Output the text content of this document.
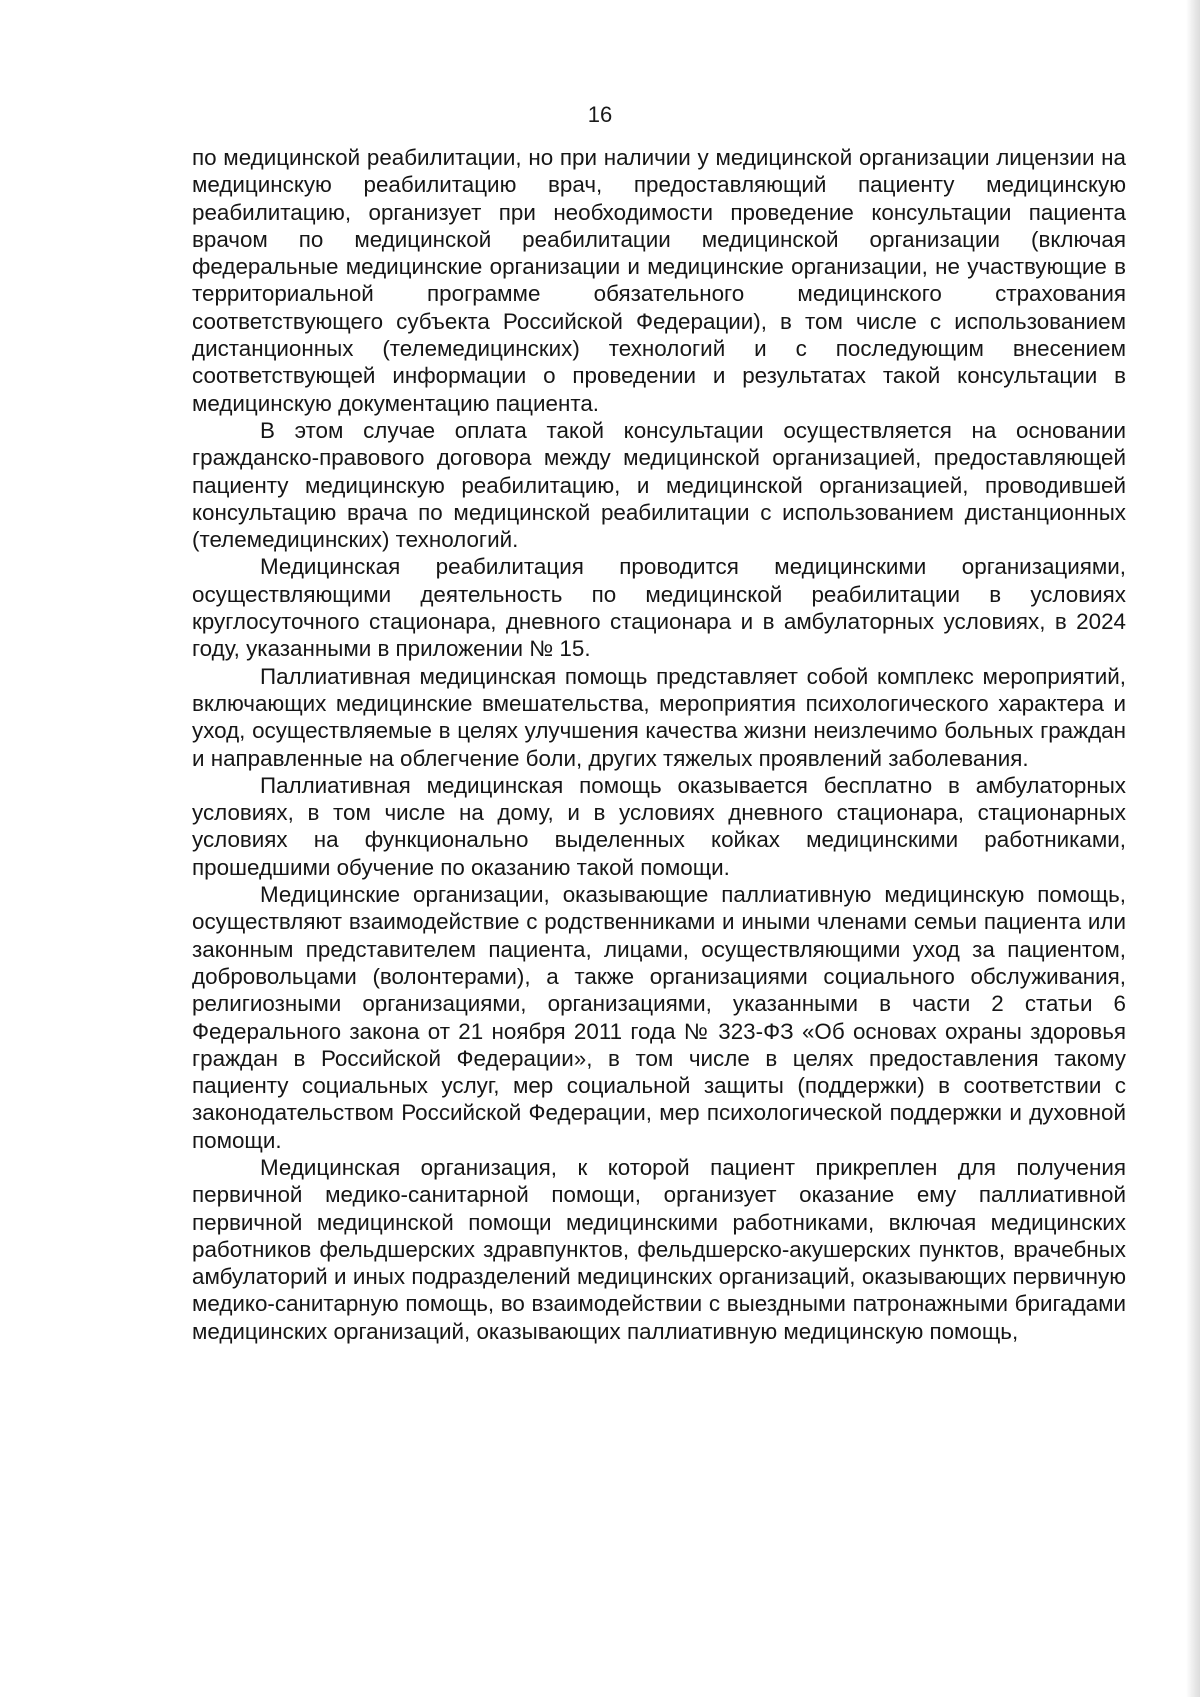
16

по медицинской реабилитации, но при наличии у медицинской организации лицензии на медицинскую реабилитацию врач, предоставляющий пациенту медицинскую реабилитацию, организует при необходимости проведение консультации пациента врачом по медицинской реабилитации медицинской организации (включая федеральные медицинские организации и медицинские организации, не участвующие в территориальной программе обязательного медицинского страхования соответствующего субъекта Российской Федерации), в том числе с использованием дистанционных (телемедицинских) технологий и с последующим внесением соответствующей информации о проведении и результатах такой консультации в медицинскую документацию пациента.

В этом случае оплата такой консультации осуществляется на основании гражданско-правового договора между медицинской организацией, предоставляющей пациенту медицинскую реабилитацию, и медицинской организацией, проводившей консультацию врача по медицинской реабилитации с использованием дистанционных (телемедицинских) технологий.

Медицинская реабилитация проводится медицинскими организациями, осуществляющими деятельность по медицинской реабилитации в условиях круглосуточного стационара, дневного стационара и в амбулаторных условиях, в 2024 году, указанными в приложении № 15.

Паллиативная медицинская помощь представляет собой комплекс мероприятий, включающих медицинские вмешательства, мероприятия психологического характера и уход, осуществляемые в целях улучшения качества жизни неизлечимо больных граждан и направленные на облегчение боли, других тяжелых проявлений заболевания.

Паллиативная медицинская помощь оказывается бесплатно в амбулаторных условиях, в том числе на дому, и в условиях дневного стационара, стационарных условиях на функционально выделенных койках медицинскими работниками, прошедшими обучение по оказанию такой помощи.

Медицинские организации, оказывающие паллиативную медицинскую помощь, осуществляют взаимодействие с родственниками и иными членами семьи пациента или законным представителем пациента, лицами, осуществляющими уход за пациентом, добровольцами (волонтерами), а также организациями социального обслуживания, религиозными организациями, организациями, указанными в части 2 статьи 6 Федерального закона от 21 ноября 2011 года № 323-ФЗ «Об основах охраны здоровья граждан в Российской Федерации», в том числе в целях предоставления такому пациенту социальных услуг, мер социальной защиты (поддержки) в соответствии с законодательством Российской Федерации, мер психологической поддержки и духовной помощи.

Медицинская организация, к которой пациент прикреплен для получения первичной медико-санитарной помощи, организует оказание ему паллиативной первичной медицинской помощи медицинскими работниками, включая медицинских работников фельдшерских здравпунктов, фельдшерско-акушерских пунктов, врачебных амбулаторий и иных подразделений медицинских организаций, оказывающих первичную медико-санитарную помощь, во взаимодействии с выездными патронажными бригадами медицинских организаций, оказывающих паллиативную медицинскую помощь,
